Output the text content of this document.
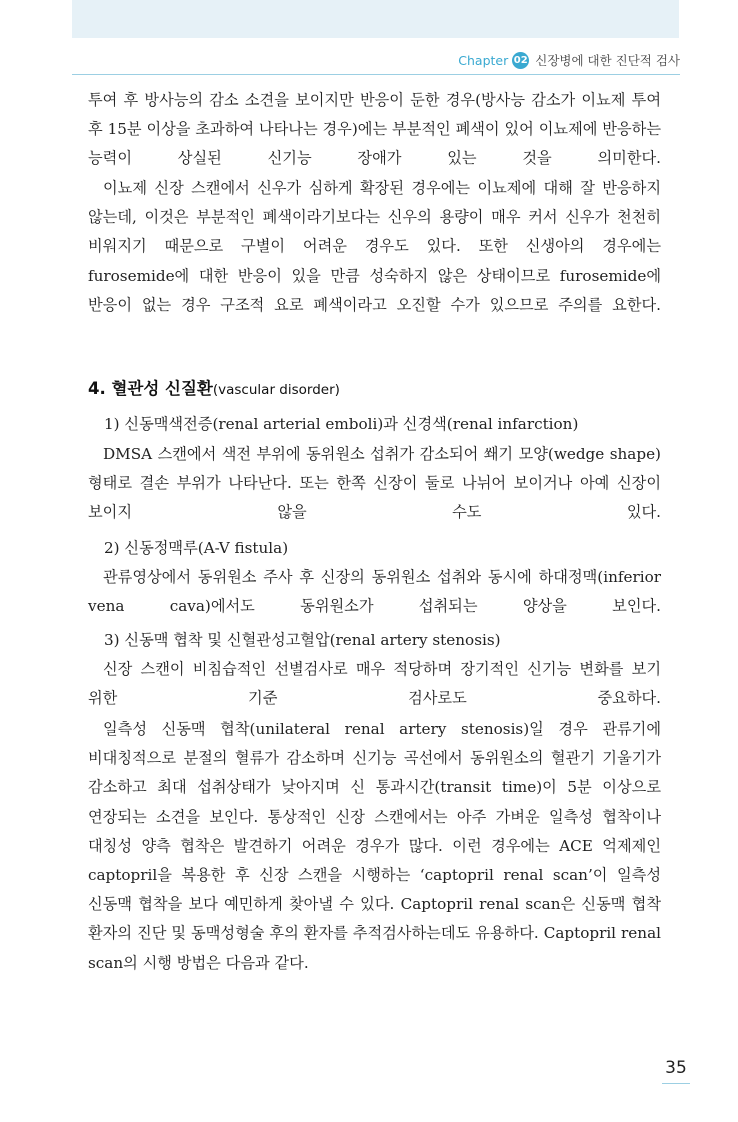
Chapter 02 신장병에 대한 진단적 검사

투여 후 방사능의 감소 소견을 보이지만 반응이 둔한 경우(방사능 감소가 이뇨제 투여 후 15분 이상을 초과하여 나타나는 경우)에는 부분적인 폐색이 있어 이뇨제에 반응하는 능력이 상실된 신기능 장애가 있는 것을 의미한다.

이뇨제 신장 스캔에서 신우가 심하게 확장된 경우에는 이뇨제에 대해 잘 반응하지 않는데, 이것은 부분적인 폐색이라기보다는 신우의 용량이 매우 커서 신우가 천천히 비워지기 때문으로 구별이 어려운 경우도 있다. 또한 신생아의 경우에는 furosemide에 대한 반응이 있을 만큼 성숙하지 않은 상태이므로 furosemide에 반응이 없는 경우 구조적 요로 폐색이라고 오진할 수가 있으므로 주의를 요한다.

4. 혈관성 신질환(vascular disorder)

1) 신동맥색전증(renal arterial emboli)과 신경색(renal infarction)

DMSA 스캔에서 색전 부위에 동위원소 섭취가 감소되어 쐐기 모양(wedge shape) 형태로 결손 부위가 나타난다. 또는 한쪽 신장이 둘로 나뉘어 보이거나 아예 신장이 보이지 않을 수도 있다.

2) 신동정맥루(A-V fistula)

관류영상에서 동위원소 주사 후 신장의 동위원소 섭취와 동시에 하대정맥(inferior vena cava)에서도 동위원소가 섭취되는 양상을 보인다.

3) 신동맥 협착 및 신혈관성고혈압(renal artery stenosis)

신장 스캔이 비침습적인 선별검사로 매우 적당하며 장기적인 신기능 변화를 보기 위한 기준 검사로도 중요하다.

일측성 신동맥 협착(unilateral renal artery stenosis)일 경우 관류기에 비대칭적으로 분절의 혈류가 감소하며 신기능 곡선에서 동위원소의 혈관기 기울기가 감소하고 최대 섭취상태가 낮아지며 신 통과시간(transit time)이 5분 이상으로 연장되는 소견을 보인다. 통상적인 신장 스캔에서는 아주 가벼운 일측성 협착이나 대칭성 양측 협착은 발견하기 어려운 경우가 많다. 이런 경우에는 ACE 억제제인 captopril을 복용한 후 신장 스캔을 시행하는 ‘captopril renal scan’이 일측성 신동맥 협착을 보다 예민하게 찾아낼 수 있다. Captopril renal scan은 신동맥 협착 환자의 진단 및 동맥성형술 후의 환자를 추적검사하는데도 유용하다. Captopril renal scan의 시행 방법은 다음과 같다.

35
